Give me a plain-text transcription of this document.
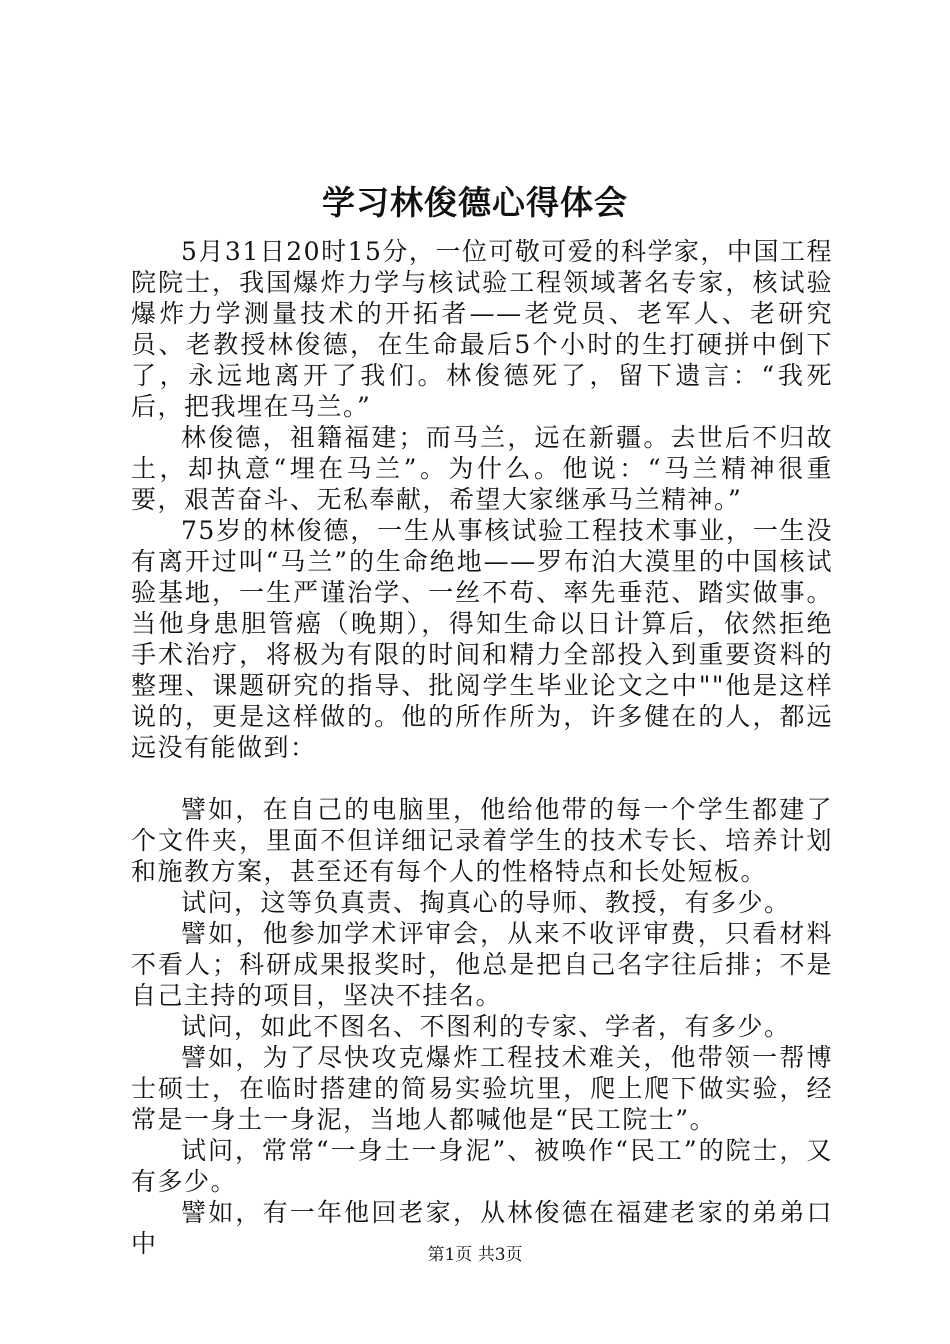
学习林俊德心得体会

5月31日20时15分，一位可敬可爱的科学家，中国工程院院士，我国爆炸力学与核试验工程领域著名专家，核试验爆炸力学测量技术的开拓者——老党员、老军人、老研究员、老教授林俊德，在生命最后5个小时的生打硬拼中倒下了，永远地离开了我们。林俊德死了，留下遗言：“我死后，把我埋在马兰。”

林俊德，祖籍福建；而马兰，远在新疆。去世后不归故土，却执意“埋在马兰”。为什么。他说：“马兰精神很重要，艰苦奋斗、无私奉献，希望大家继承马兰精神。”

75岁的林俊德，一生从事核试验工程技术事业，一生没有离开过叫“马兰”的生命绝地——罗布泊大漠里的中国核试验基地，一生严谨治学、一丝不苟、率先垂范、踏实做事。当他身患胆管癌（晚期），得知生命以日计算后，依然拒绝手术治疗，将极为有限的时间和精力全部投入到重要资料的整理、课题研究的指导、批阅学生毕业论文之中""他是这样说的，更是这样做的。他的所作所为，许多健在的人，都远远没有能做到：

譬如，在自己的电脑里，他给他带的每一个学生都建了个文件夹，里面不但详细记录着学生的技术专长、培养计划和施教方案，甚至还有每个人的性格特点和长处短板。

试问，这等负真责、掏真心的导师、教授，有多少。

譬如，他参加学术评审会，从来不收评审费，只看材料不看人；科研成果报奖时，他总是把自己名字往后排；不是自己主持的项目，坚决不挂名。

试问，如此不图名、不图利的专家、学者，有多少。

譬如，为了尽快攻克爆炸工程技术难关，他带领一帮博士硕士，在临时搭建的简易实验坑里，爬上爬下做实验，经常是一身土一身泥，当地人都喊他是“民工院士”。

试问，常常“一身土一身泥”、被唤作“民工”的院士，又有多少。

譬如，有一年他回老家，从林俊德在福建老家的弟弟口中	第1页 共3页
